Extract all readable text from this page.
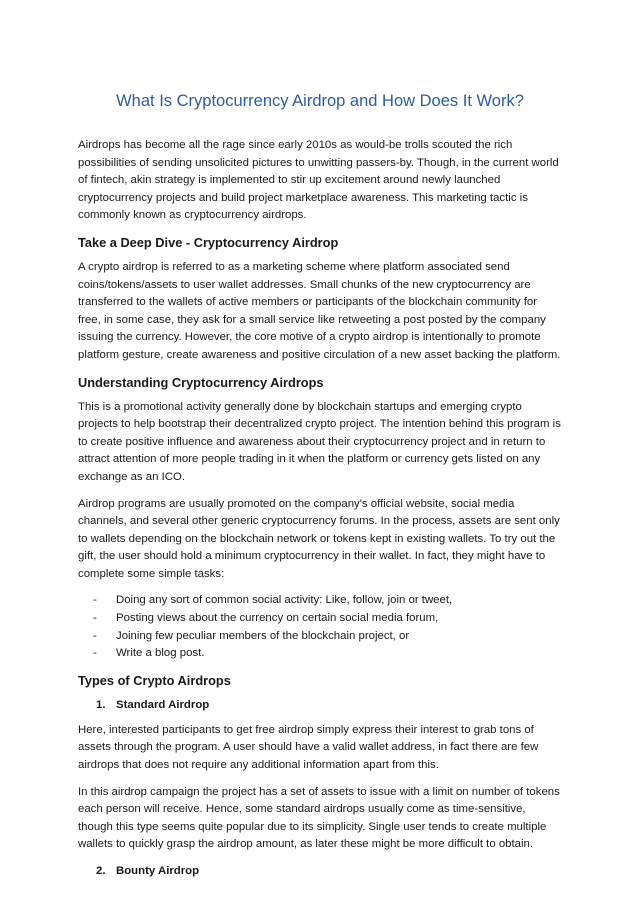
What Is Cryptocurrency Airdrop and How Does It Work?

Airdrops has become all the rage since early 2010s as would-be trolls scouted the rich possibilities of sending unsolicited pictures to unwitting passers-by. Though, in the current world of fintech, akin strategy is implemented to stir up excitement around newly launched cryptocurrency projects and build project marketplace awareness. This marketing tactic is commonly known as cryptocurrency airdrops.

Take a Deep Dive - Cryptocurrency Airdrop

A crypto airdrop is referred to as a marketing scheme where platform associated send coins/tokens/assets to user wallet addresses. Small chunks of the new cryptocurrency are transferred to the wallets of active members or participants of the blockchain community for free, in some case, they ask for a small service like retweeting a post posted by the company issuing the currency. However, the core motive of a crypto airdrop is intentionally to promote platform gesture, create awareness and positive circulation of a new asset backing the platform.

Understanding Cryptocurrency Airdrops

This is a promotional activity generally done by blockchain startups and emerging crypto projects to help bootstrap their decentralized crypto project. The intention behind this program is to create positive influence and awareness about their cryptocurrency project and in return to attract attention of more people trading in it when the platform or currency gets listed on any exchange as an ICO.

Airdrop programs are usually promoted on the company's official website, social media channels, and several other generic cryptocurrency forums. In the process, assets are sent only to wallets depending on the blockchain network or tokens kept in existing wallets. To try out the gift, the user should hold a minimum cryptocurrency in their wallet. In fact, they might have to complete some simple tasks:

- Doing any sort of common social activity: Like, follow, join or tweet,
- Posting views about the currency on certain social media forum,
- Joining few peculiar members of the blockchain project, or
- Write a blog post.
Types of Crypto Airdrops
1. Standard Airdrop

Here, interested participants to get free airdrop simply express their interest to grab tons of assets through the program. A user should have a valid wallet address, in fact there are few airdrops that does not require any additional information apart from this.

In this airdrop campaign the project has a set of assets to issue with a limit on number of tokens each person will receive. Hence, some standard airdrops usually come as time-sensitive, though this type seems quite popular due to its simplicity. Single user tends to create multiple wallets to quickly grasp the airdrop amount, as later these might be more difficult to obtain.

2. Bounty Airdrop
